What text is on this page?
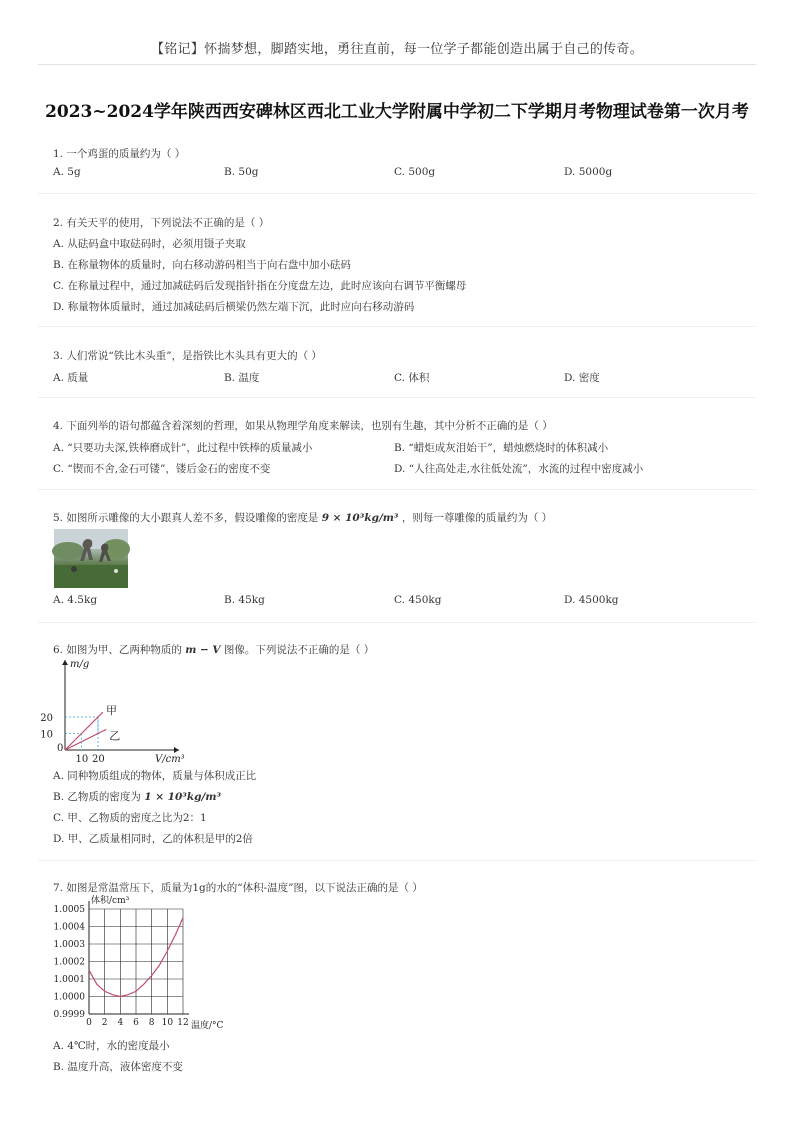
【铭记】怀揣梦想，脚踏实地，勇往直前，每一位学子都能创造出属于自己的传奇。
2023~2024学年陕西西安碑林区西北工业大学附属中学初二下学期月考物理试卷第一次月考
1. 一个鸡蛋的质量约为（ ）
A. 5g	B. 50g	C. 500g	D. 5000g
2. 有关天平的使用，下列说法不正确的是（ ）
A. 从砝码盒中取砝码时，必须用镊子夹取
B. 在称量物体的质量时，向右移动游码相当于向右盘中加小砝码
C. 在称量过程中，通过加减砝码后发现指针指在分度盘左边，此时应该向右调节平衡螺母
D. 称量物体质量时，通过加减砝码后横梁仍然左端下沉，此时应向右移动游码
3. 人们常说“铁比木头重”，是指铁比木头具有更大的（ ）
A. 质量	B. 温度	C. 体积	D. 密度
4. 下面列举的语句都蕴含着深刻的哲理，如果从物理学角度来解读，也别有生趣，其中分析不正确的是（ ）
A. “只要功夫深,铁棒磨成针”，此过程中铁棒的质量减小	B. “蜡炬成灰泪始干”，蜡烛燃烧时的体积减小
C. “锲而不舍,金石可镂”，镂后金石的密度不变	D. “人往高处走,水往低处流”，水流的过程中密度减小
5. 如图所示雕像的大小跟真人差不多，假设雕像的密度是 9 × 10³kg/m³ ，则每一尊雕像的质量约为（ ）
A. 4.5kg	B. 45kg	C. 450kg	D. 4500kg
6. 如图为甲、乙两种物质的 m − V 图像。下列说法不正确的是（ ）
甲
乙
10 20
10
20
0
m/g
V/cm³
A. 同种物质组成的物体，质量与体积成正比
B. 乙物质的密度为 1 × 10³kg/m³
C. 甲、乙物质的密度之比为2：1
D. 甲、乙质量相同时，乙的体积是甲的2倍
7. 如图是常温常压下，质量为1g的水的“体积-温度”图，以下说法正确的是（ ）
0 2 4 6 8 10 12
0.9999
1.0000
1.0001
1.0002
1.0003
1.0004
1.0005
体积/cm³
温度/°C
A. 4℃时，水的密度最小
B. 温度升高，液体密度不变
